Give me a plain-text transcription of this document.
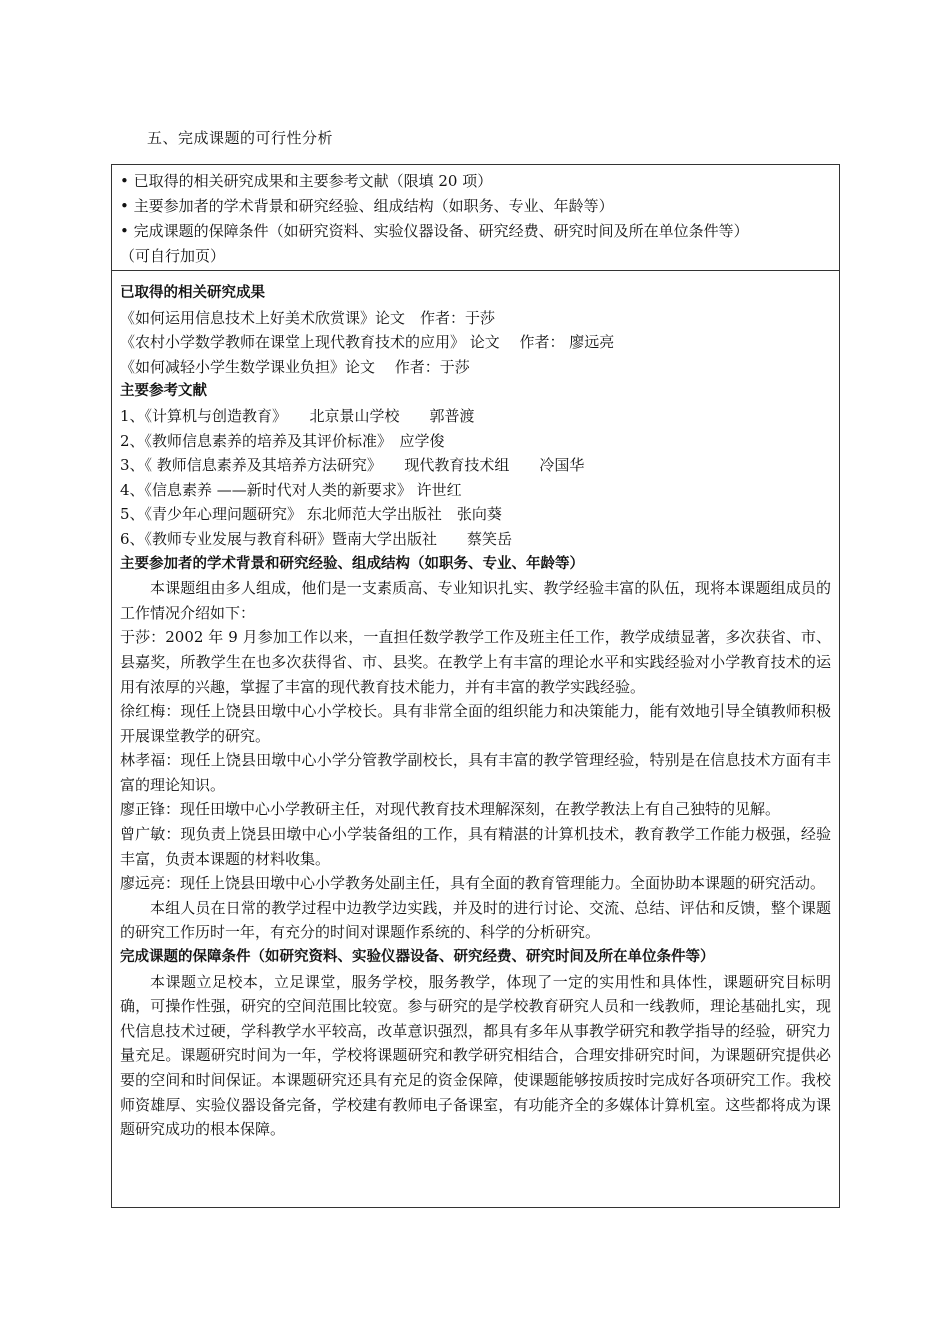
五、完成课题的可行性分析
• 已取得的相关研究成果和主要参考文献（限填 20 项）
• 主要参加者的学术背景和研究经验、组成结构（如职务、专业、年龄等）
• 完成课题的保障条件（如研究资料、实验仪器设备、研究经费、研究时间及所在单位条件等）
（可自行加页）

已取得的相关研究成果

《如何运用信息技术上好美术欣赏课》论文　作者：于莎

《农村小学数学教师在课堂上现代教育技术的应用》 论文　 作者： 廖远亮

《如何减轻小学生数学课业负担》论文　 作者：于莎

主要参考文献

1、《计算机与创造教育》　　北京景山学校　　郭普渡

2、《教师信息素养的培养及其评价标准》　应学俊

3、《 教师信息素养及其培养方法研究》　　现代教育技术组　　冷国华

4、《信息素养 ——新时代对人类的新要求》 许世红

5、《青少年心理问题研究》 东北师范大学出版社　张向葵

6、《教师专业发展与教育科研》暨南大学出版社　　蔡笑岳

主要参加者的学术背景和研究经验、组成结构（如职务、专业、年龄等）

本课题组由多人组成，他们是一支素质高、专业知识扎实、教学经验丰富的队伍，现将本课题组成员的工作情况介绍如下：

于莎：2002 年 9 月参加工作以来，一直担任数学教学工作及班主任工作，教学成绩显著，多次获省、市、县嘉奖，所教学生在也多次获得省、市、县奖。在教学上有丰富的理论水平和实践经验对小学教育技术的运用有浓厚的兴趣，掌握了丰富的现代教育技术能力，并有丰富的教学实践经验。

徐红梅：现任上饶县田墩中心小学校长。具有非常全面的组织能力和决策能力，能有效地引导全镇教师积极开展课堂教学的研究。

林孝福：现任上饶县田墩中心小学分管教学副校长，具有丰富的教学管理经验，特别是在信息技术方面有丰富的理论知识。

廖正锋：现任田墩中心小学教研主任，对现代教育技术理解深刻，在教学教法上有自己独特的见解。

曾广敏：现负责上饶县田墩中心小学装备组的工作，具有精湛的计算机技术，教育教学工作能力极强，经验丰富，负责本课题的材料收集。

廖远亮：现任上饶县田墩中心小学教务处副主任，具有全面的教育管理能力。全面协助本课题的研究活动。

本组人员在日常的教学过程中边教学边实践，并及时的进行讨论、交流、总结、评估和反馈，整个课题的研究工作历时一年，有充分的时间对课题作系统的、科学的分析研究。

完成课题的保障条件（如研究资料、实验仪器设备、研究经费、研究时间及所在单位条件等）

本课题立足校本，立足课堂，服务学校，服务教学，体现了一定的实用性和具体性，课题研究目标明确，可操作性强，研究的空间范围比较宽。参与研究的是学校教育研究人员和一线教师，理论基础扎实，现代信息技术过硬，学科教学水平较高，改革意识强烈，都具有多年从事教学研究和教学指导的经验，研究力量充足。课题研究时间为一年，学校将课题研究和教学研究相结合，合理安排研究时间，为课题研究提供必要的空间和时间保证。本课题研究还具有充足的资金保障，使课题能够按质按时完成好各项研究工作。我校师资雄厚、实验仪器设备完备，学校建有教师电子备课室，有功能齐全的多媒体计算机室。这些都将成为课题研究成功的根本保障。
